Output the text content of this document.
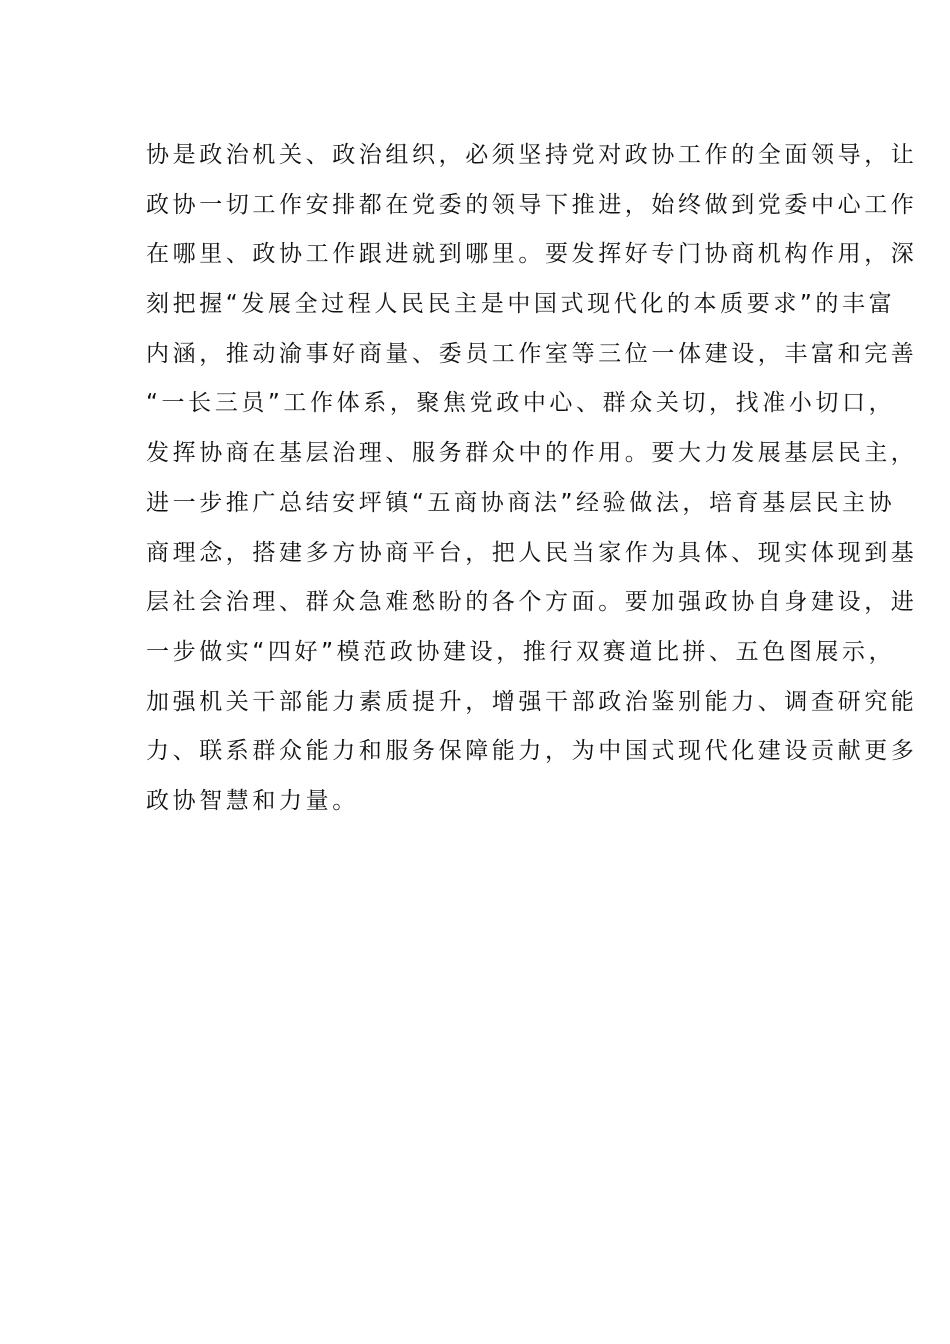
协是政治机关、政治组织，必须坚持党对政协工作的全面领导，让
政协一切工作安排都在党委的领导下推进，始终做到党委中心工作
在哪里、政协工作跟进就到哪里。要发挥好专门协商机构作用，深
刻把握“发展全过程人民民主是中国式现代化的本质要求”的丰富
内涵，推动渝事好商量、委员工作室等三位一体建设，丰富和完善
“一长三员”工作体系，聚焦党政中心、群众关切，找准小切口，
发挥协商在基层治理、服务群众中的作用。要大力发展基层民主，
进一步推广总结安坪镇“五商协商法”经验做法，培育基层民主协
商理念，搭建多方协商平台，把人民当家作为具体、现实体现到基
层社会治理、群众急难愁盼的各个方面。要加强政协自身建设，进
一步做实“四好”模范政协建设，推行双赛道比拼、五色图展示，
加强机关干部能力素质提升，增强干部政治鉴别能力、调查研究能
力、联系群众能力和服务保障能力，为中国式现代化建设贡献更多
政协智慧和力量。
